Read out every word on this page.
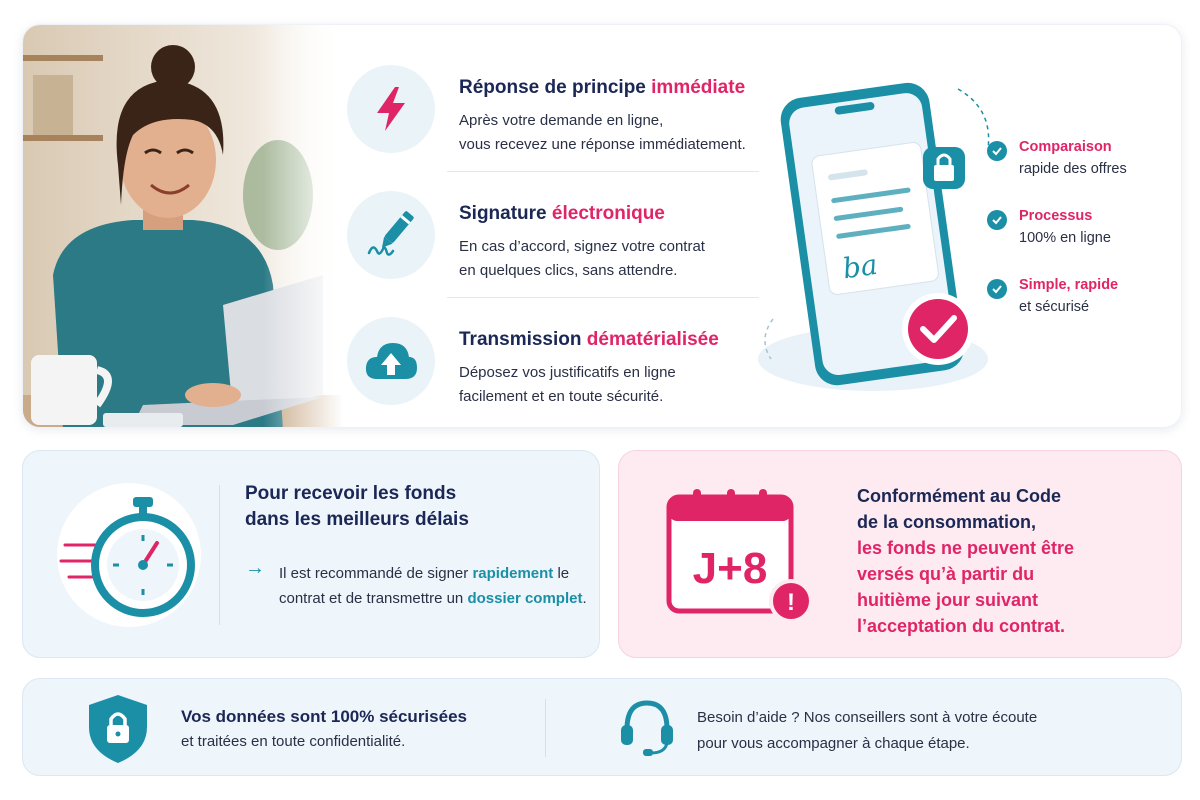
Réponse de principe immédiate
Après votre demande en ligne,
vous recevez une réponse immédiatement.
Signature électronique
En cas d’accord, signez votre contrat
en quelques clics, sans attendre.
Transmission dématérialisée
Déposez vos justificatifs en ligne
facilement et en toute sécurité.
ba
Comparaison
rapide des offres
Processus
100% en ligne
Simple, rapide
et sécurisé
Pour recevoir les fonds
dans les meilleurs délais
→ Il est recommandé de signer rapidement le contrat et de transmettre un dossier complet.
J+8
!
Conformément au Code
de la consommation,
les fonds ne peuvent être
versés qu’à partir du
huitième jour suivant
l’acceptation du contrat.
Vos données sont 100% sécurisées
et traitées en toute confidentialité.
Besoin d’aide ? Nos conseillers sont à votre écoute
pour vous accompagner à chaque étape.
